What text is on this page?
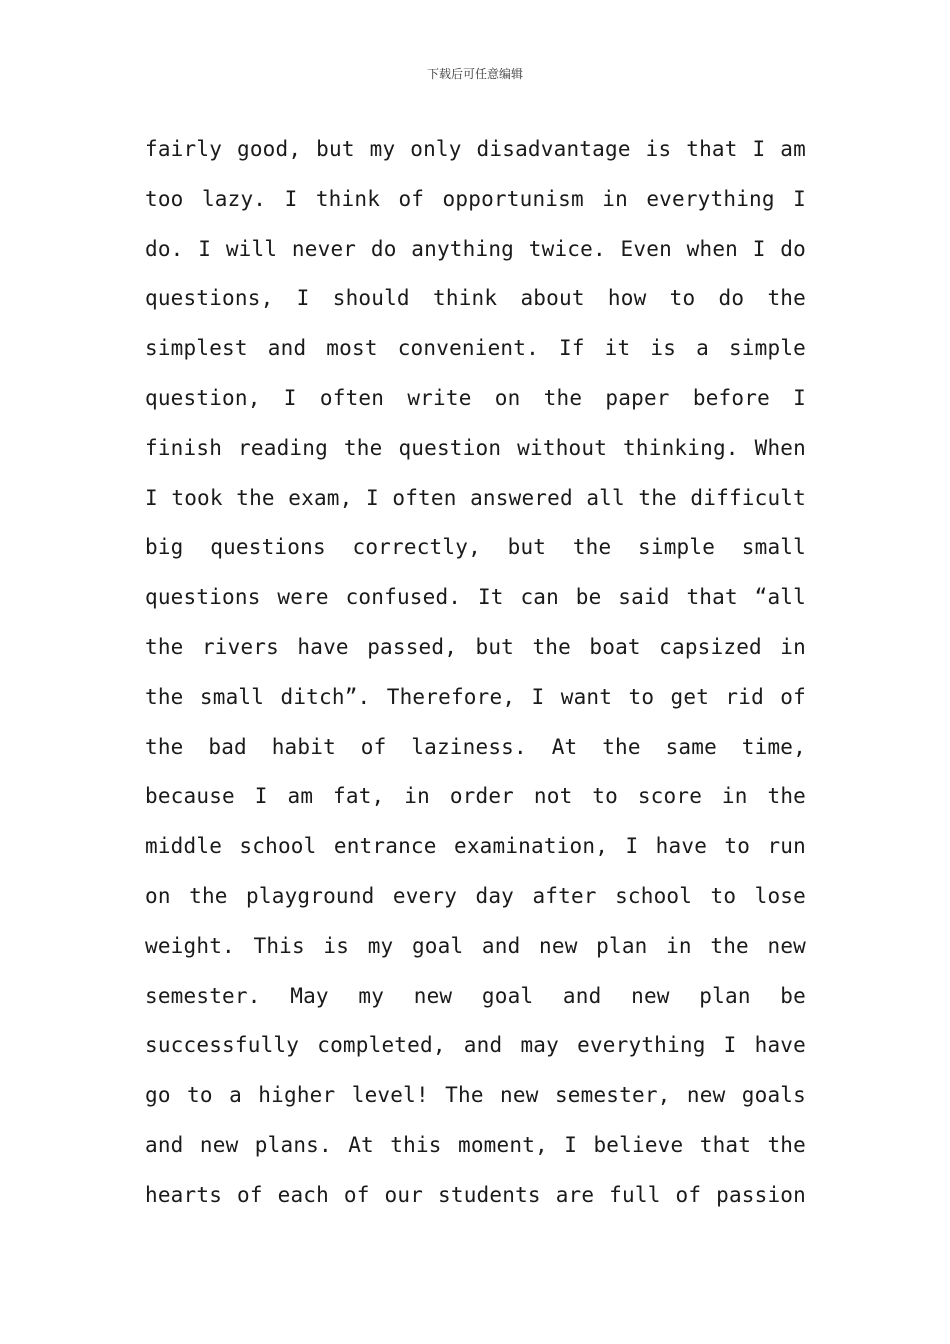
下载后可任意编辑
fairly good, but my only disadvantage is that I am
too lazy. I think of opportunism in everything I
do. I will never do anything twice. Even when I do
questions, I should think about how to do the
simplest and most convenient. If it is a simple
question, I often write on the paper before I
finish reading the question without thinking. When
I took the exam, I often answered all the difficult
big questions correctly, but the simple small
questions were confused. It can be said that “all
the rivers have passed, but the boat capsized in
the small ditch”. Therefore, I want to get rid of
the bad habit of laziness. At the same time,
because I am fat, in order not to score in the
middle school entrance examination, I have to run
on the playground every day after school to lose
weight. This is my goal and new plan in the new
semester. May my new goal and new plan be
successfully completed, and may everything I have
go to a higher level! The new semester, new goals
and new plans. At this moment, I believe that the
hearts of each of our students are full of passion
